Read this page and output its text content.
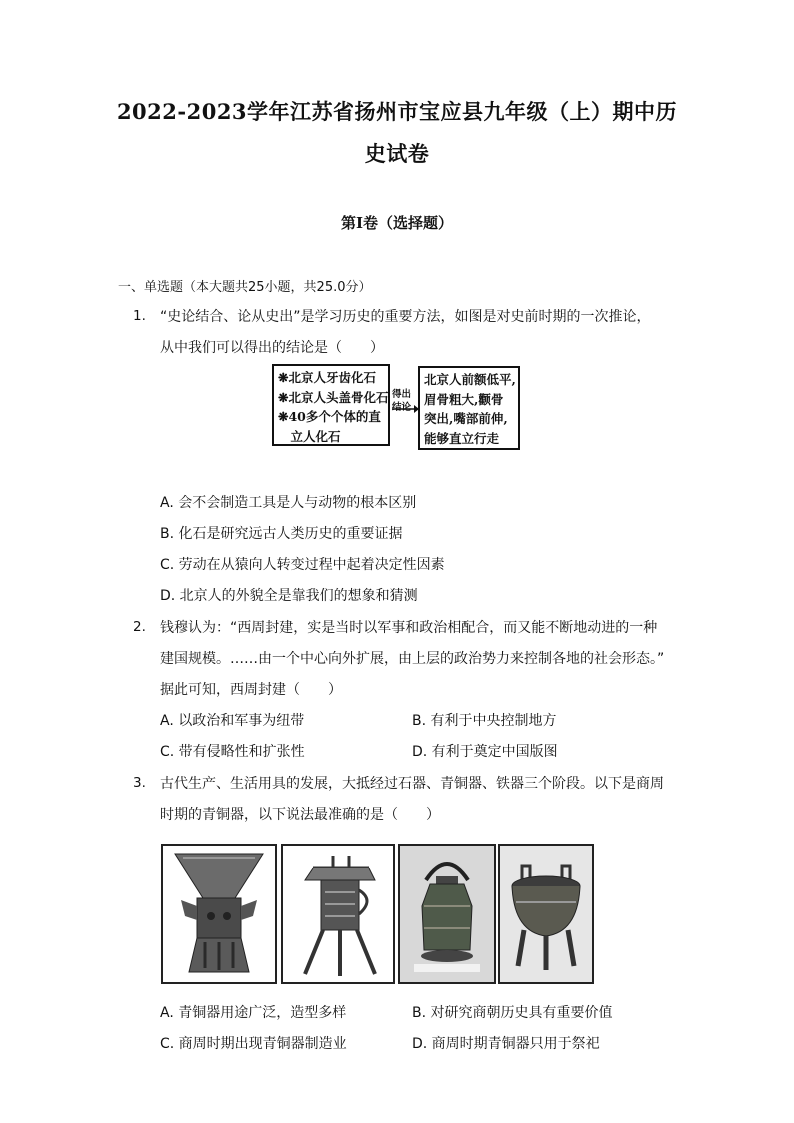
2022-2023学年江苏省扬州市宝应县九年级（上）期中历
史试卷
第I卷（选择题）
一、单选题（本大题共25小题，共25.0分）
1. “史论结合、论从史出”是学习历史的重要方法，如图是对史前时期的一次推论，
从中我们可以得出的结论是（　　）
❋北京人牙齿化石
❋北京人头盖骨化石
❋40多个个体的直
　立人化石
得出
结论
北京人前额低平,
眉骨粗大,颧骨
突出,嘴部前伸,
能够直立行走
A. 会不会制造工具是人与动物的根本区别
B. 化石是研究远古人类历史的重要证据
C. 劳动在从猿向人转变过程中起着决定性因素
D. 北京人的外貌全是靠我们的想象和猜测
2. 钱穆认为：“西周封建，实是当时以军事和政治相配合，而又能不断地动进的一种
建国规模。……由一个中心向外扩展，由上层的政治势力来控制各地的社会形态。”
据此可知，西周封建（　　）
A. 以政治和军事为纽带	B. 有利于中央控制地方
C. 带有侵略性和扩张性	D. 有利于奠定中国版图
3. 古代生产、生活用具的发展，大抵经过石器、青铜器、铁器三个阶段。以下是商周
时期的青铜器，以下说法最准确的是（　　）
A. 青铜器用途广泛，造型多样	B. 对研究商朝历史具有重要价值
C. 商周时期出现青铜器制造业	D. 商周时期青铜器只用于祭祀
